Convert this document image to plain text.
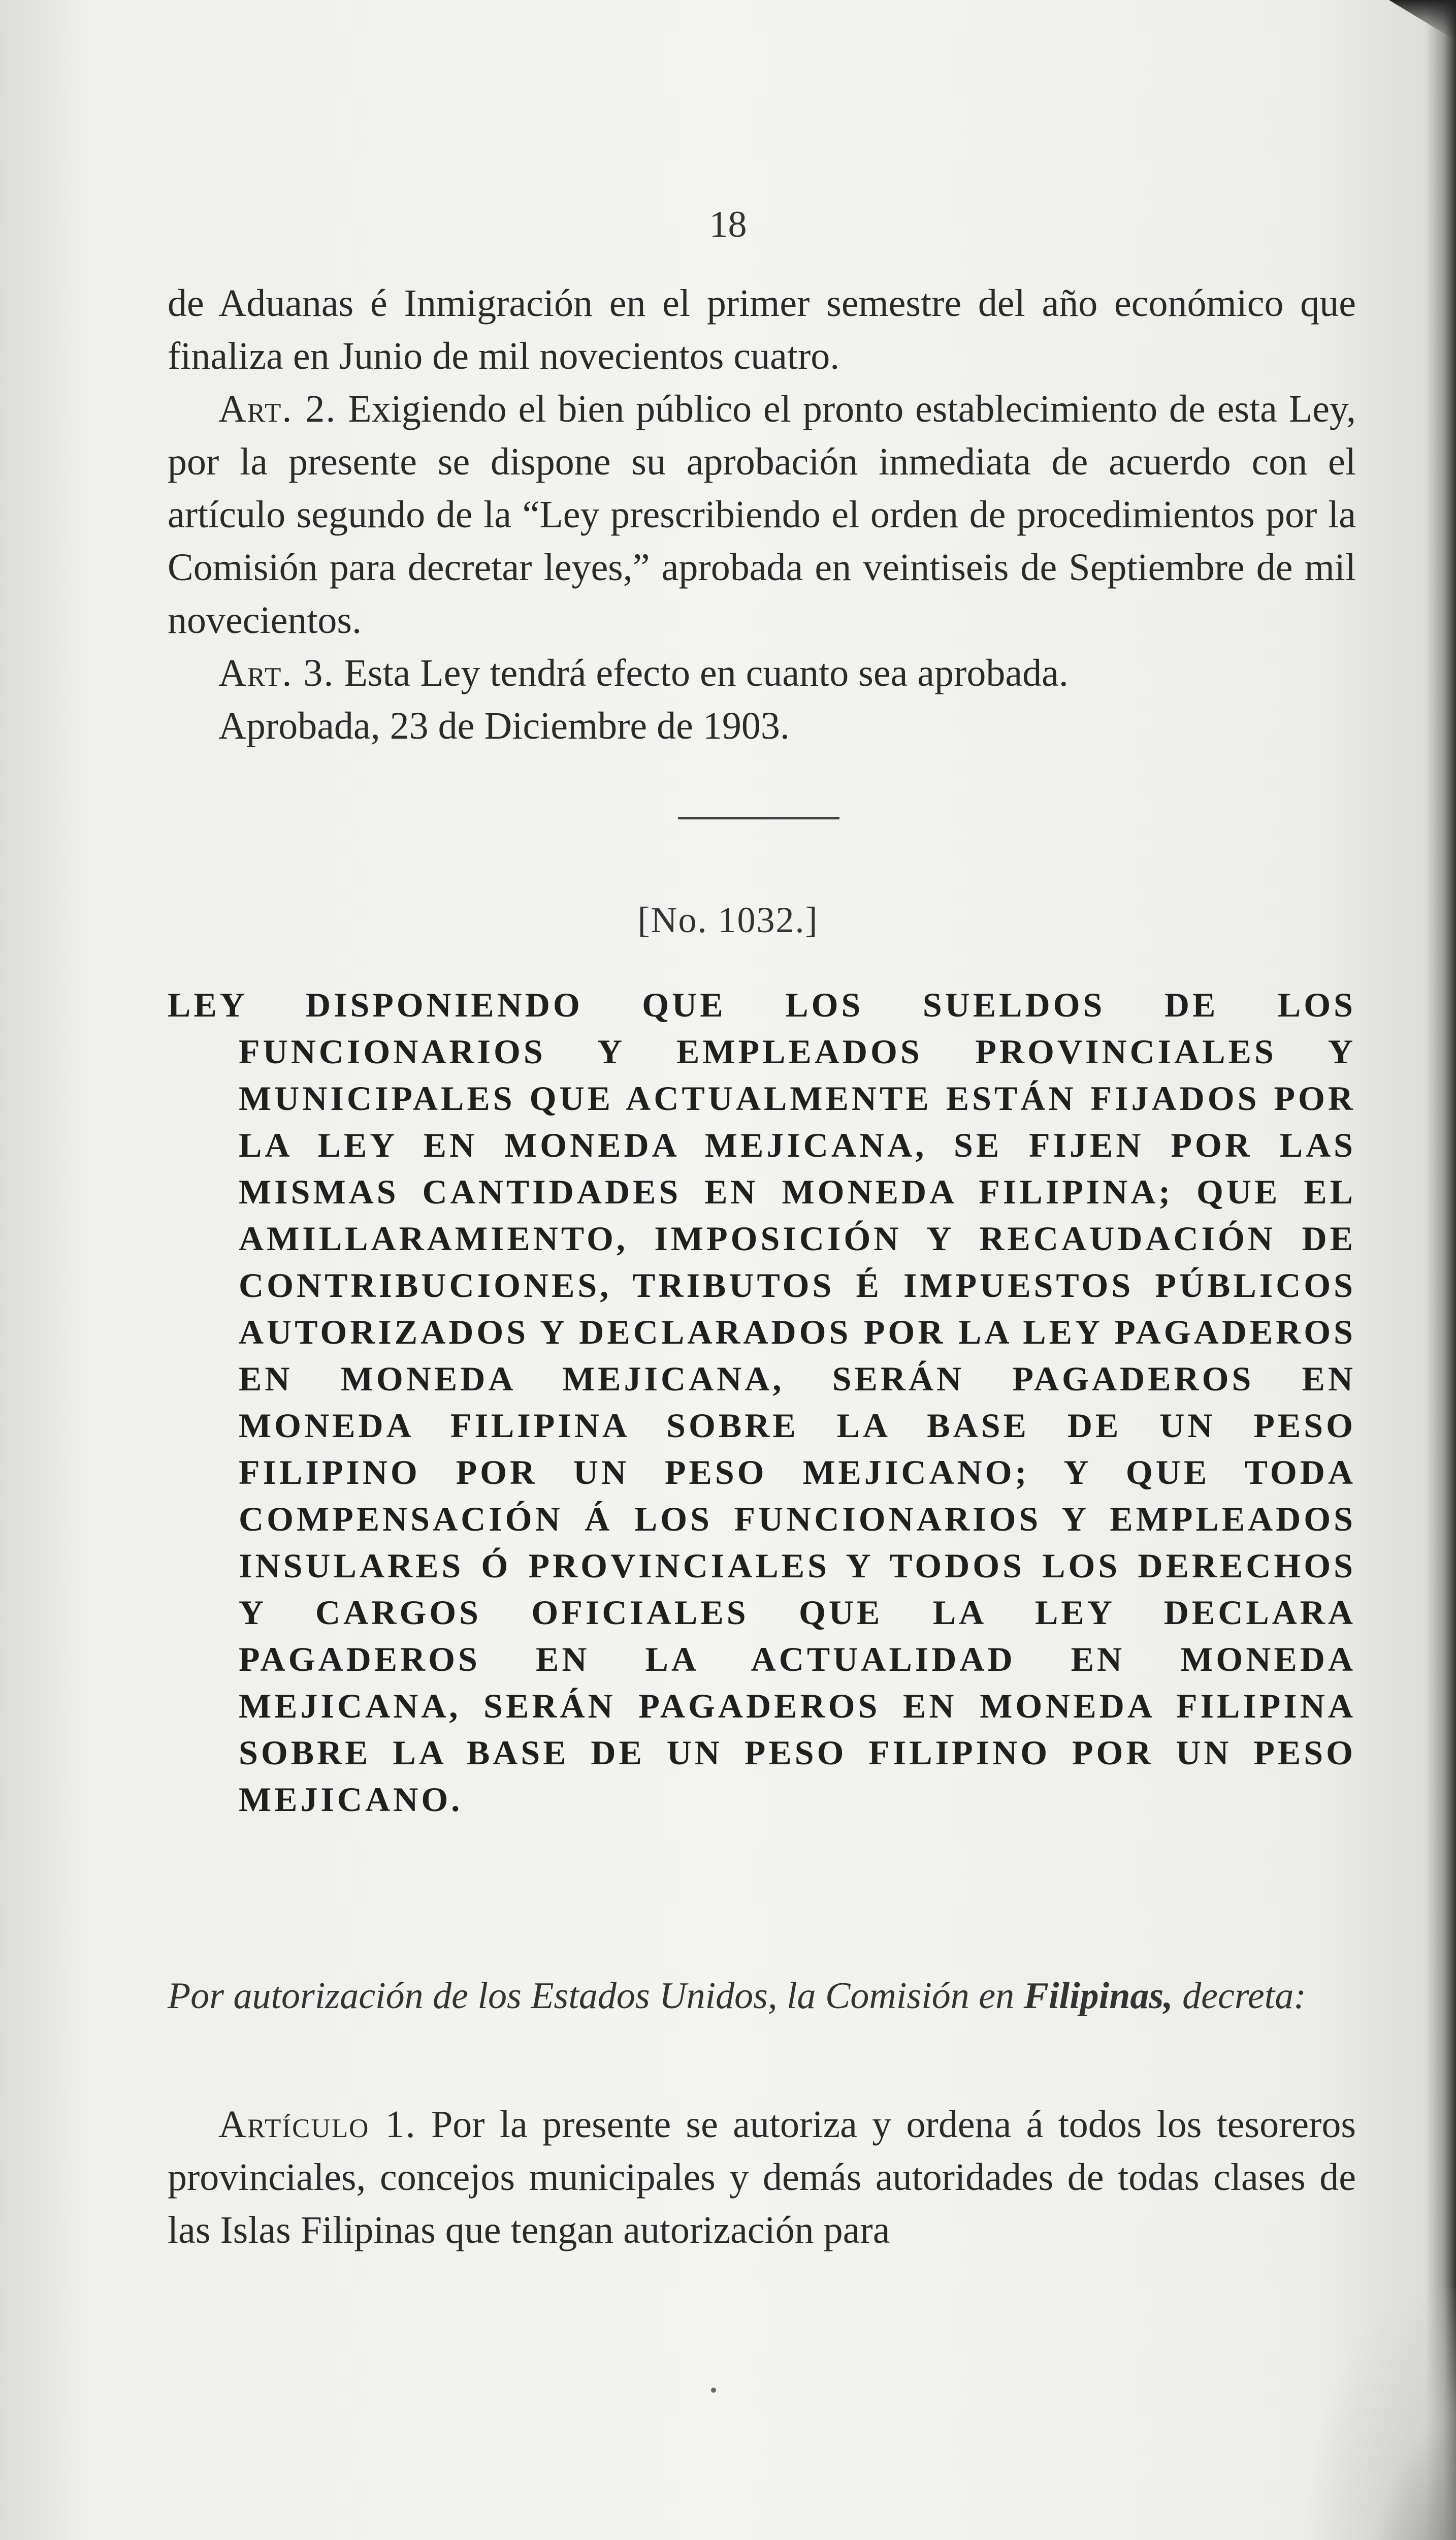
18

de Aduanas é Inmigración en el primer semestre del año económico que finaliza en Junio de mil novecientos cuatro.

Art. 2. Exigiendo el bien público el pronto establecimiento de esta Ley, por la presente se dispone su aprobación inmediata de acuerdo con el artículo segundo de la “Ley prescribiendo el orden de procedimientos por la Comisión para decretar leyes,” aprobada en veintiseis de Septiembre de mil novecientos.

Art. 3. Esta Ley tendrá efecto en cuanto sea aprobada.

Aprobada, 23 de Diciembre de 1903.

[No. 1032.]
LEY DISPONIENDO QUE LOS SUELDOS DE LOS FUNCIONARIOS Y EMPLEADOS PROVINCIALES Y MUNICIPALES QUE ACTUALMENTE ESTÁN FIJADOS POR LA LEY EN MONEDA MEJICANA, SE FIJEN POR LAS MISMAS CANTIDADES EN MONEDA FILIPINA; QUE EL AMILLARAMIENTO, IMPOSICIÓN Y RECAUDACIÓN DE CONTRIBUCIONES, TRIBUTOS É IMPUESTOS PÚBLICOS AUTORIZADOS Y DECLARADOS POR LA LEY PAGADEROS EN MONEDA MEJICANA, SERÁN PAGADEROS EN MONEDA FILIPINA SOBRE LA BASE DE UN PESO FILIPINO POR UN PESO MEJICANO; Y QUE TODA COMPENSACIÓN Á LOS FUNCIONARIOS Y EMPLEADOS INSULARES Ó PROVINCIALES Y TODOS LOS DERECHOS Y CARGOS OFICIALES QUE LA LEY DECLARA PAGADEROS EN LA ACTUALIDAD EN MONEDA MEJICANA, SERÁN PAGADEROS EN MONEDA FILIPINA SOBRE LA BASE DE UN PESO FILIPINO POR UN PESO MEJICANO.
Por autorización de los Estados Unidos, la Comisión en Filipinas, decreta:

Artículo 1. Por la presente se autoriza y ordena á todos los tesoreros provinciales, concejos municipales y demás autoridades de todas clases de las Islas Filipinas que tengan autorización para
